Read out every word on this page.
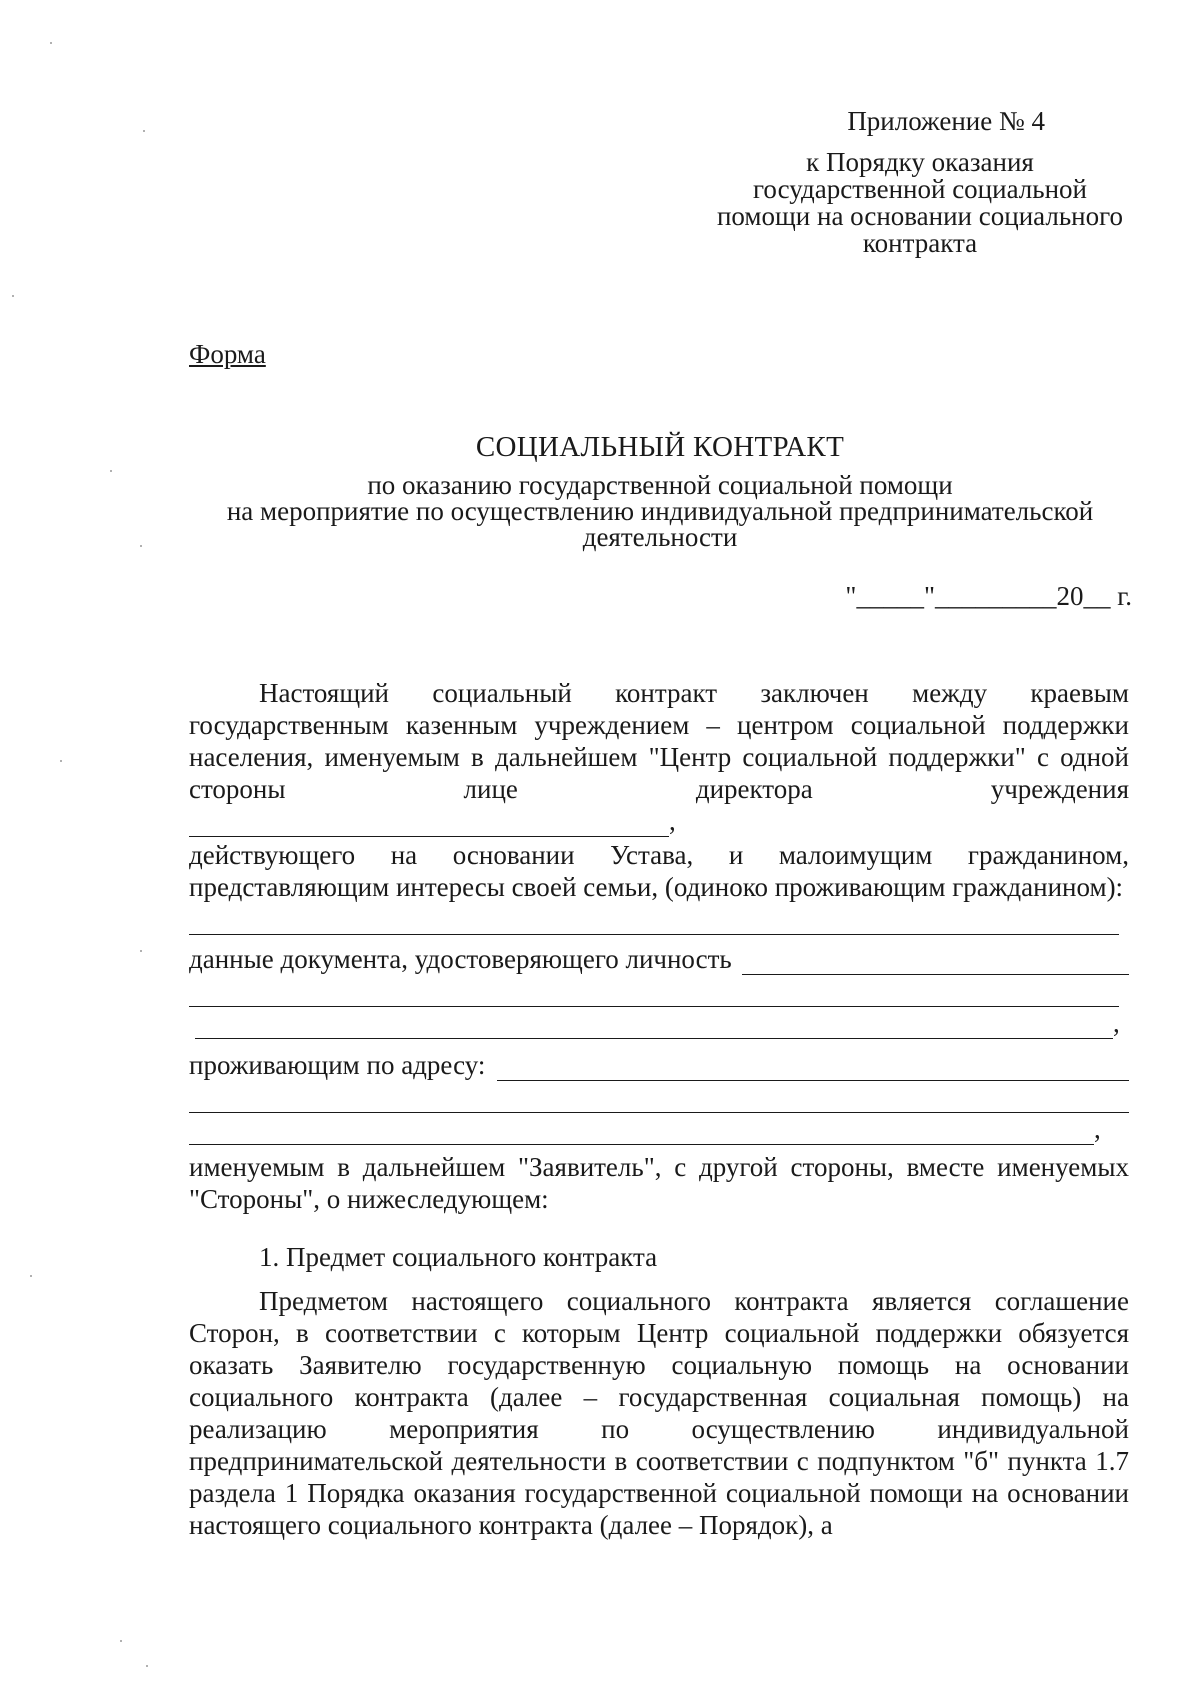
Приложение № 4
к Порядку оказания
государственной социальной
помощи на основании социального
контракта
Форма
СОЦИАЛЬНЫЙ КОНТРАКТ
по оказанию государственной социальной помощи
на мероприятие по осуществлению индивидуальной предпринимательской
деятельности
"_____"_________20__ г.

Настоящий социальный контракт заключен между краевым государственным казенным учреждением – центром социальной поддержки населения, именуемым в дальнейшем "Центр социальной поддержки" с одной стороны лице директора учреждения

,

действующего на основании Устава, и малоимущим гражданином, представляющим интересы своей семьи, (одиноко проживающим гражданином):

данные документа, удостоверяющего личность
,
проживающим по адресу:
,

именуемым в дальнейшем "Заявитель", с другой стороны, вместе именуемых "Стороны", о нижеследующем:

1. Предмет социального контракта

Предметом настоящего социального контракта является соглашение Сторон, в соответствии с которым Центр социальной поддержки обязуется оказать Заявителю государственную социальную помощь на основании социального контракта (далее – государственная социальная помощь) на реализацию мероприятия по осуществлению индивидуальной предпринимательской деятельности в соответствии с подпунктом "б" пункта 1.7 раздела 1 Порядка оказания государственной социальной помощи на основании настоящего социального контракта (далее – Порядок), а
